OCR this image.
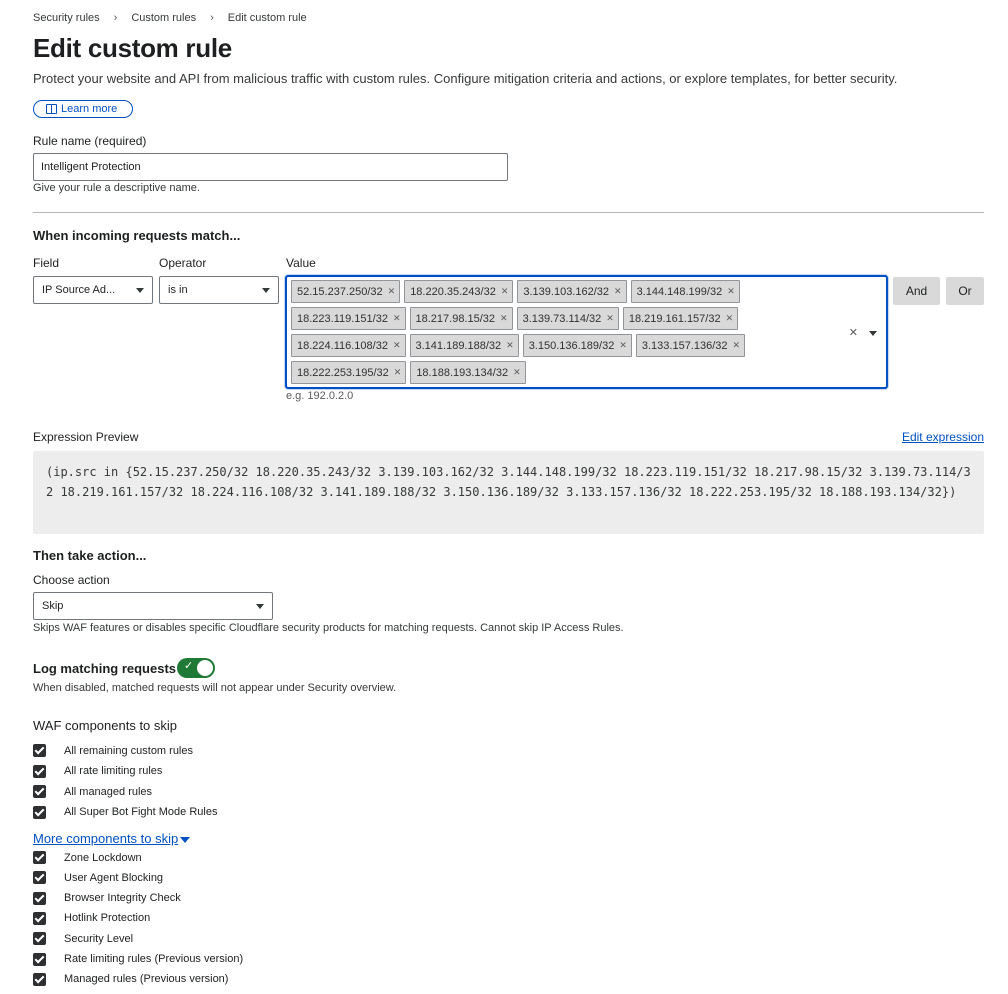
Security rules › Custom rules › Edit custom rule
Edit custom rule
Protect your website and API from malicious traffic with custom rules. Configure mitigation criteria and actions, or explore templates, for better security.
Learn more
Rule name (required)
Intelligent Protection
Give your rule a descriptive name.
When incoming requests match...
Field	Operator	Value
IP Source Ad...	is in	52.15.237.250/32 ✕ 18.220.35.243/32 ✕ 3.139.103.162/32 ✕ 3.144.148.199/32 ✕
18.223.119.151/32 ✕ 18.217.98.15/32 ✕ 3.139.73.114/32 ✕ 18.219.161.157/32 ✕
18.224.116.108/32 ✕ 3.141.189.188/32 ✕ 3.150.136.189/32 ✕ 3.133.157.136/32 ✕
18.222.253.195/32 ✕ 18.188.193.134/32 ✕
✕
e.g. 192.0.2.0
And	Or
Expression Preview	Edit expression
(ip.src in {52.15.237.250/32 18.220.35.243/32 3.139.103.162/32 3.144.148.199/32 18.223.119.151/32 18.217.98.15/32 3.139.73.114/32 18.219.161.157/32 18.224.116.108/32 3.141.189.188/32 3.150.136.189/32 3.133.157.136/32 18.222.253.195/32 18.188.193.134/32})
Then take action...
Choose action
Skip
Skips WAF features or disables specific Cloudflare security products for matching requests. Cannot skip IP Access Rules.
Log matching requests ✓
When disabled, matched requests will not appear under Security overview.
WAF components to skip
All remaining custom rules
All rate limiting rules
All managed rules
All Super Bot Fight Mode Rules
More components to skip
Zone Lockdown
User Agent Blocking
Browser Integrity Check
Hotlink Protection
Security Level
Rate limiting rules (Previous version)
Managed rules (Previous version)
